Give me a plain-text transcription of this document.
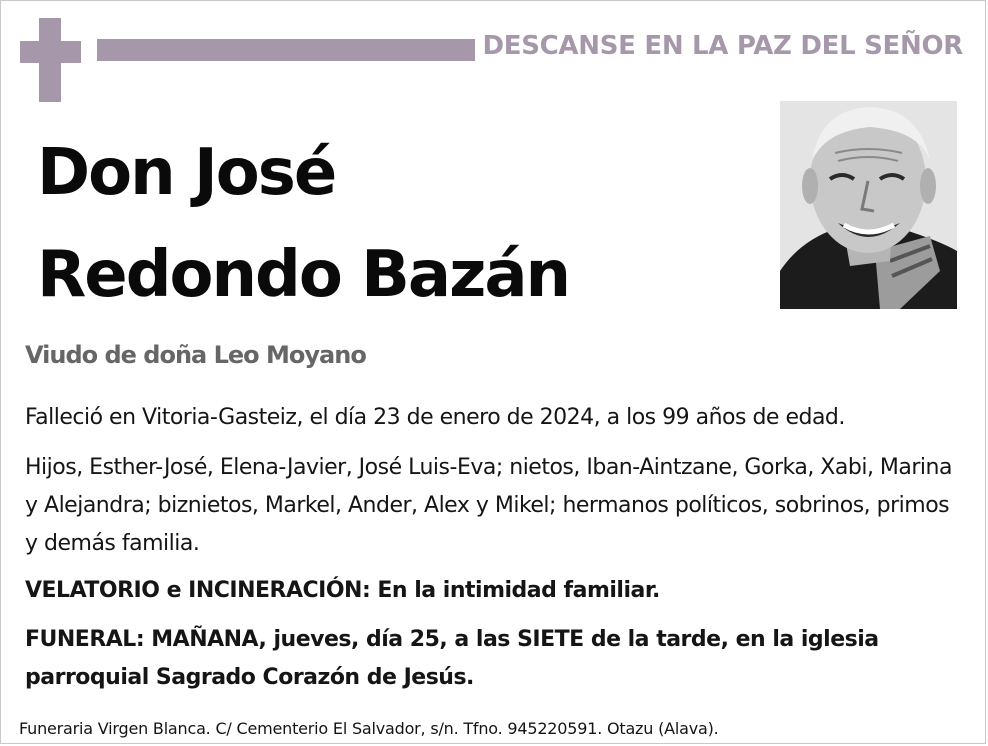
DESCANSE EN LA PAZ DEL SEÑOR
Don José
Redondo Bazán
Viudo de doña Leo Moyano
Falleció en Vitoria-Gasteiz, el día 23 de enero de 2024, a los 99 años de edad.
Hijos, Esther-José, Elena-Javier, José Luis-Eva; nietos, Iban-Aintzane, Gorka, Xabi, Marina y Alejandra; biznietos, Markel, Ander, Alex y Mikel; hermanos políticos, sobrinos, primos y demás familia.
VELATORIO e INCINERACIÓN: En la intimidad familiar.
FUNERAL: MAÑANA, jueves, día 25, a las SIETE de la tarde, en la iglesia parroquial Sagrado Corazón de Jesús.
Funeraria Virgen Blanca. C/ Cementerio El Salvador, s/n. Tfno. 945220591. Otazu (Alava).
